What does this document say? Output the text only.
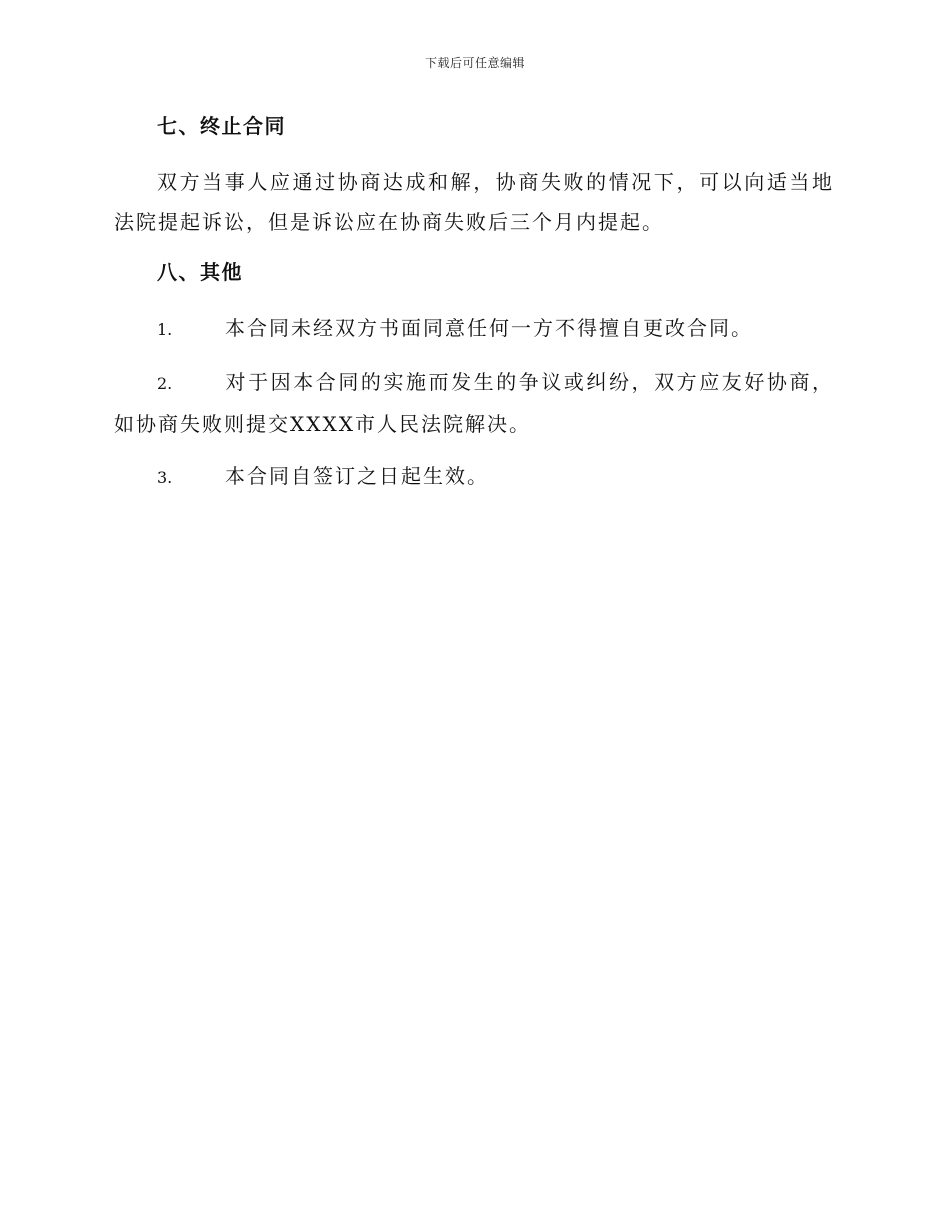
下载后可任意编辑
七、终止合同

双方当事人应通过协商达成和解，协商失败的情况下，可以向适当地法院提起诉讼，但是诉讼应在协商失败后三个月内提起。

八、其他

1.	本合同未经双方书面同意任何一方不得擅自更改合同。

2.	对于因本合同的实施而发生的争议或纠纷，双方应友好协商，如协商失败则提交XXXX市人民法院解决。

3.	本合同自签订之日起生效。
